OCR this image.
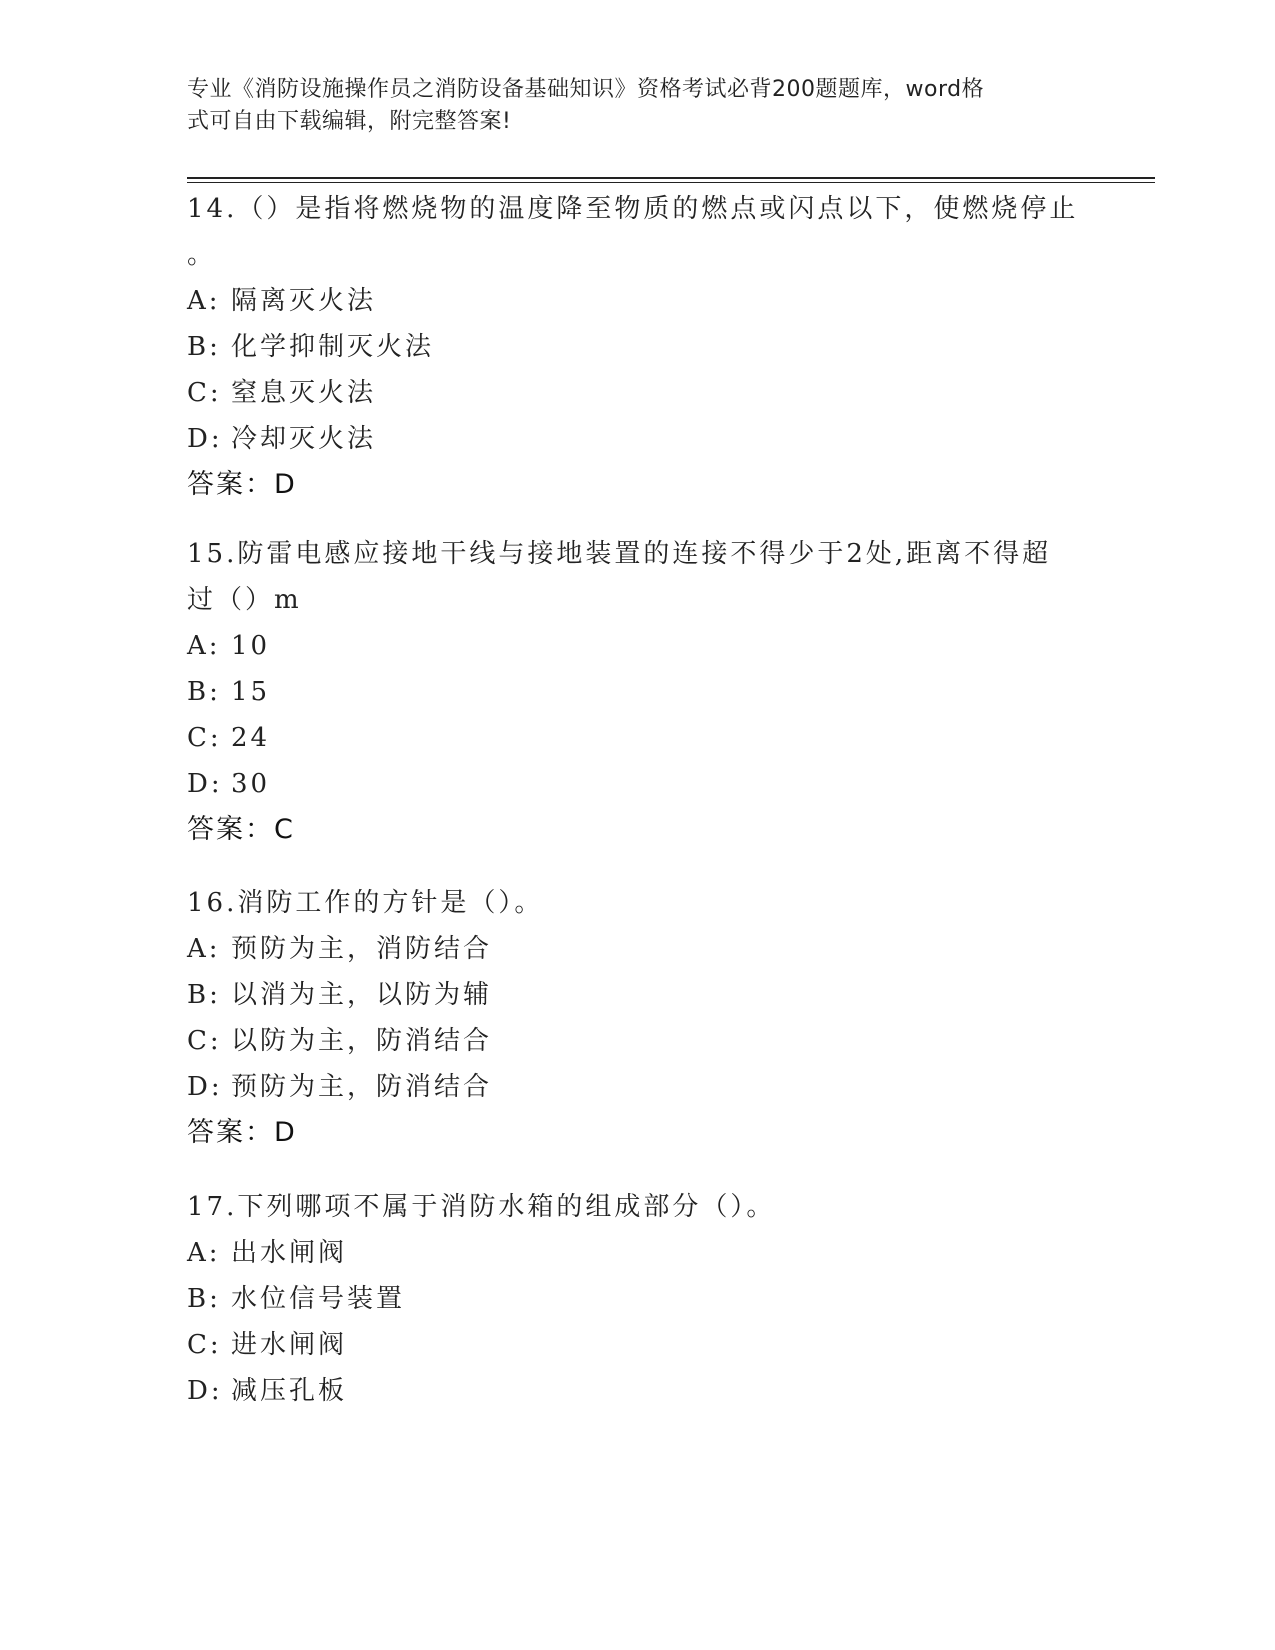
专业《消防设施操作员之消防设备基础知识》资格考试必背200题题库，word格
式可自由下载编辑，附完整答案!
14.（）是指将燃烧物的温度降至物质的燃点或闪点以下，使燃烧停止
。
A: 隔离灭火法
B: 化学抑制灭火法
C: 窒息灭火法
D: 冷却灭火法
答案：D
15.防雷电感应接地干线与接地装置的连接不得少于2处,距离不得超
过（）m
A: 10
B: 15
C: 24
D: 30
答案：C
16.消防工作的方针是（）。
A: 预防为主，消防结合
B: 以消为主，以防为辅
C: 以防为主，防消结合
D: 预防为主，防消结合
答案：D
17.下列哪项不属于消防水箱的组成部分（）。
A: 出水闸阀
B: 水位信号装置
C: 进水闸阀
D: 减压孔板
